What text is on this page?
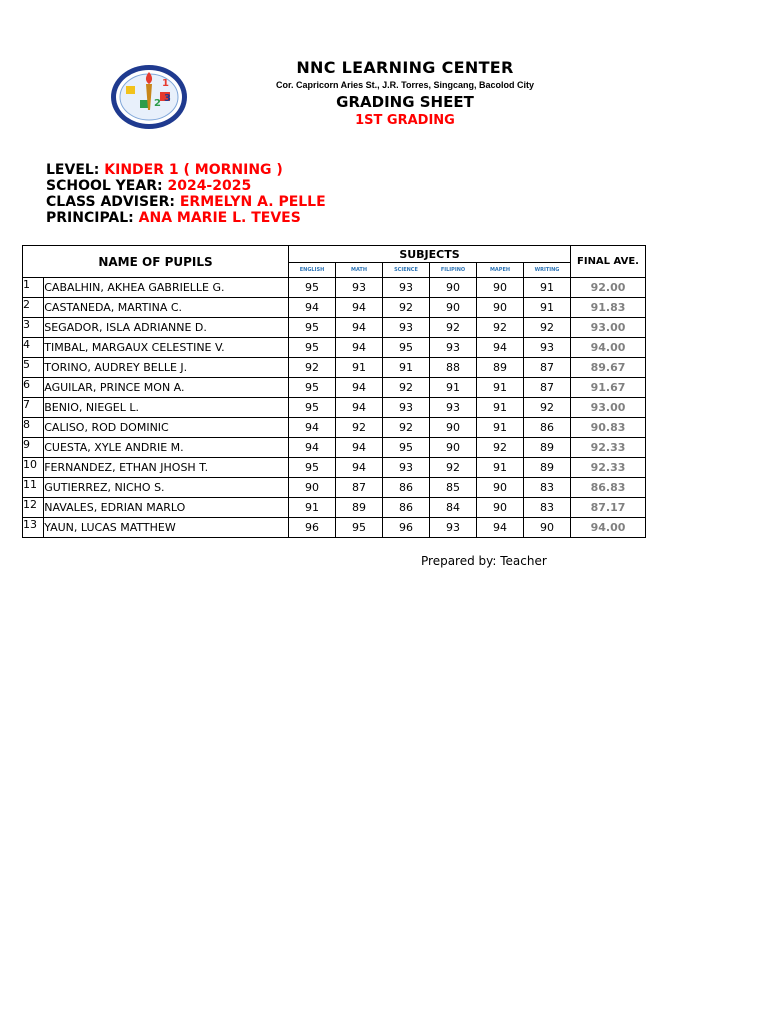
1
3
2
NNC LEARNING CENTER
Cor. Capricorn Aries St., J.R. Torres, Singcang, Bacolod City
GRADING SHEET
1ST GRADING
LEVEL: KINDER 1 ( MORNING )
SCHOOL YEAR: 2024-2025
CLASS ADVISER: ERMELYN A. PELLE
PRINCIPAL: ANA MARIE L. TEVES
NAME OF PUPILS		SUBJECTS						FINAL AVE.
		ENGLISH	MATH	SCIENCE	FILIPINO	MAPEH	WRITING	
1	CABALHIN, AKHEA GABRIELLE G.	95	93	93	90	90	91	92.00
2	CASTANEDA, MARTINA C.	94	94	92	90	90	91	91.83
3	SEGADOR, ISLA ADRIANNE D.	95	94	93	92	92	92	93.00
4	TIMBAL, MARGAUX CELESTINE V.	95	94	95	93	94	93	94.00
5	TORINO, AUDREY BELLE J.	92	91	91	88	89	87	89.67
6	AGUILAR, PRINCE MON A.	95	94	92	91	91	87	91.67
7	BENIO, NIEGEL L.	95	94	93	93	91	92	93.00
8	CALISO, ROD DOMINIC	94	92	92	90	91	86	90.83
9	CUESTA, XYLE ANDRIE M.	94	94	95	90	92	89	92.33
10	FERNANDEZ, ETHAN JHOSH T.	95	94	93	92	91	89	92.33
11	GUTIERREZ, NICHO S.	90	87	86	85	90	83	86.83
12	NAVALES, EDRIAN MARLO	91	89	86	84	90	83	87.17
13	YAUN, LUCAS MATTHEW	96	95	96	93	94	90	94.00
Prepared by: Teacher
